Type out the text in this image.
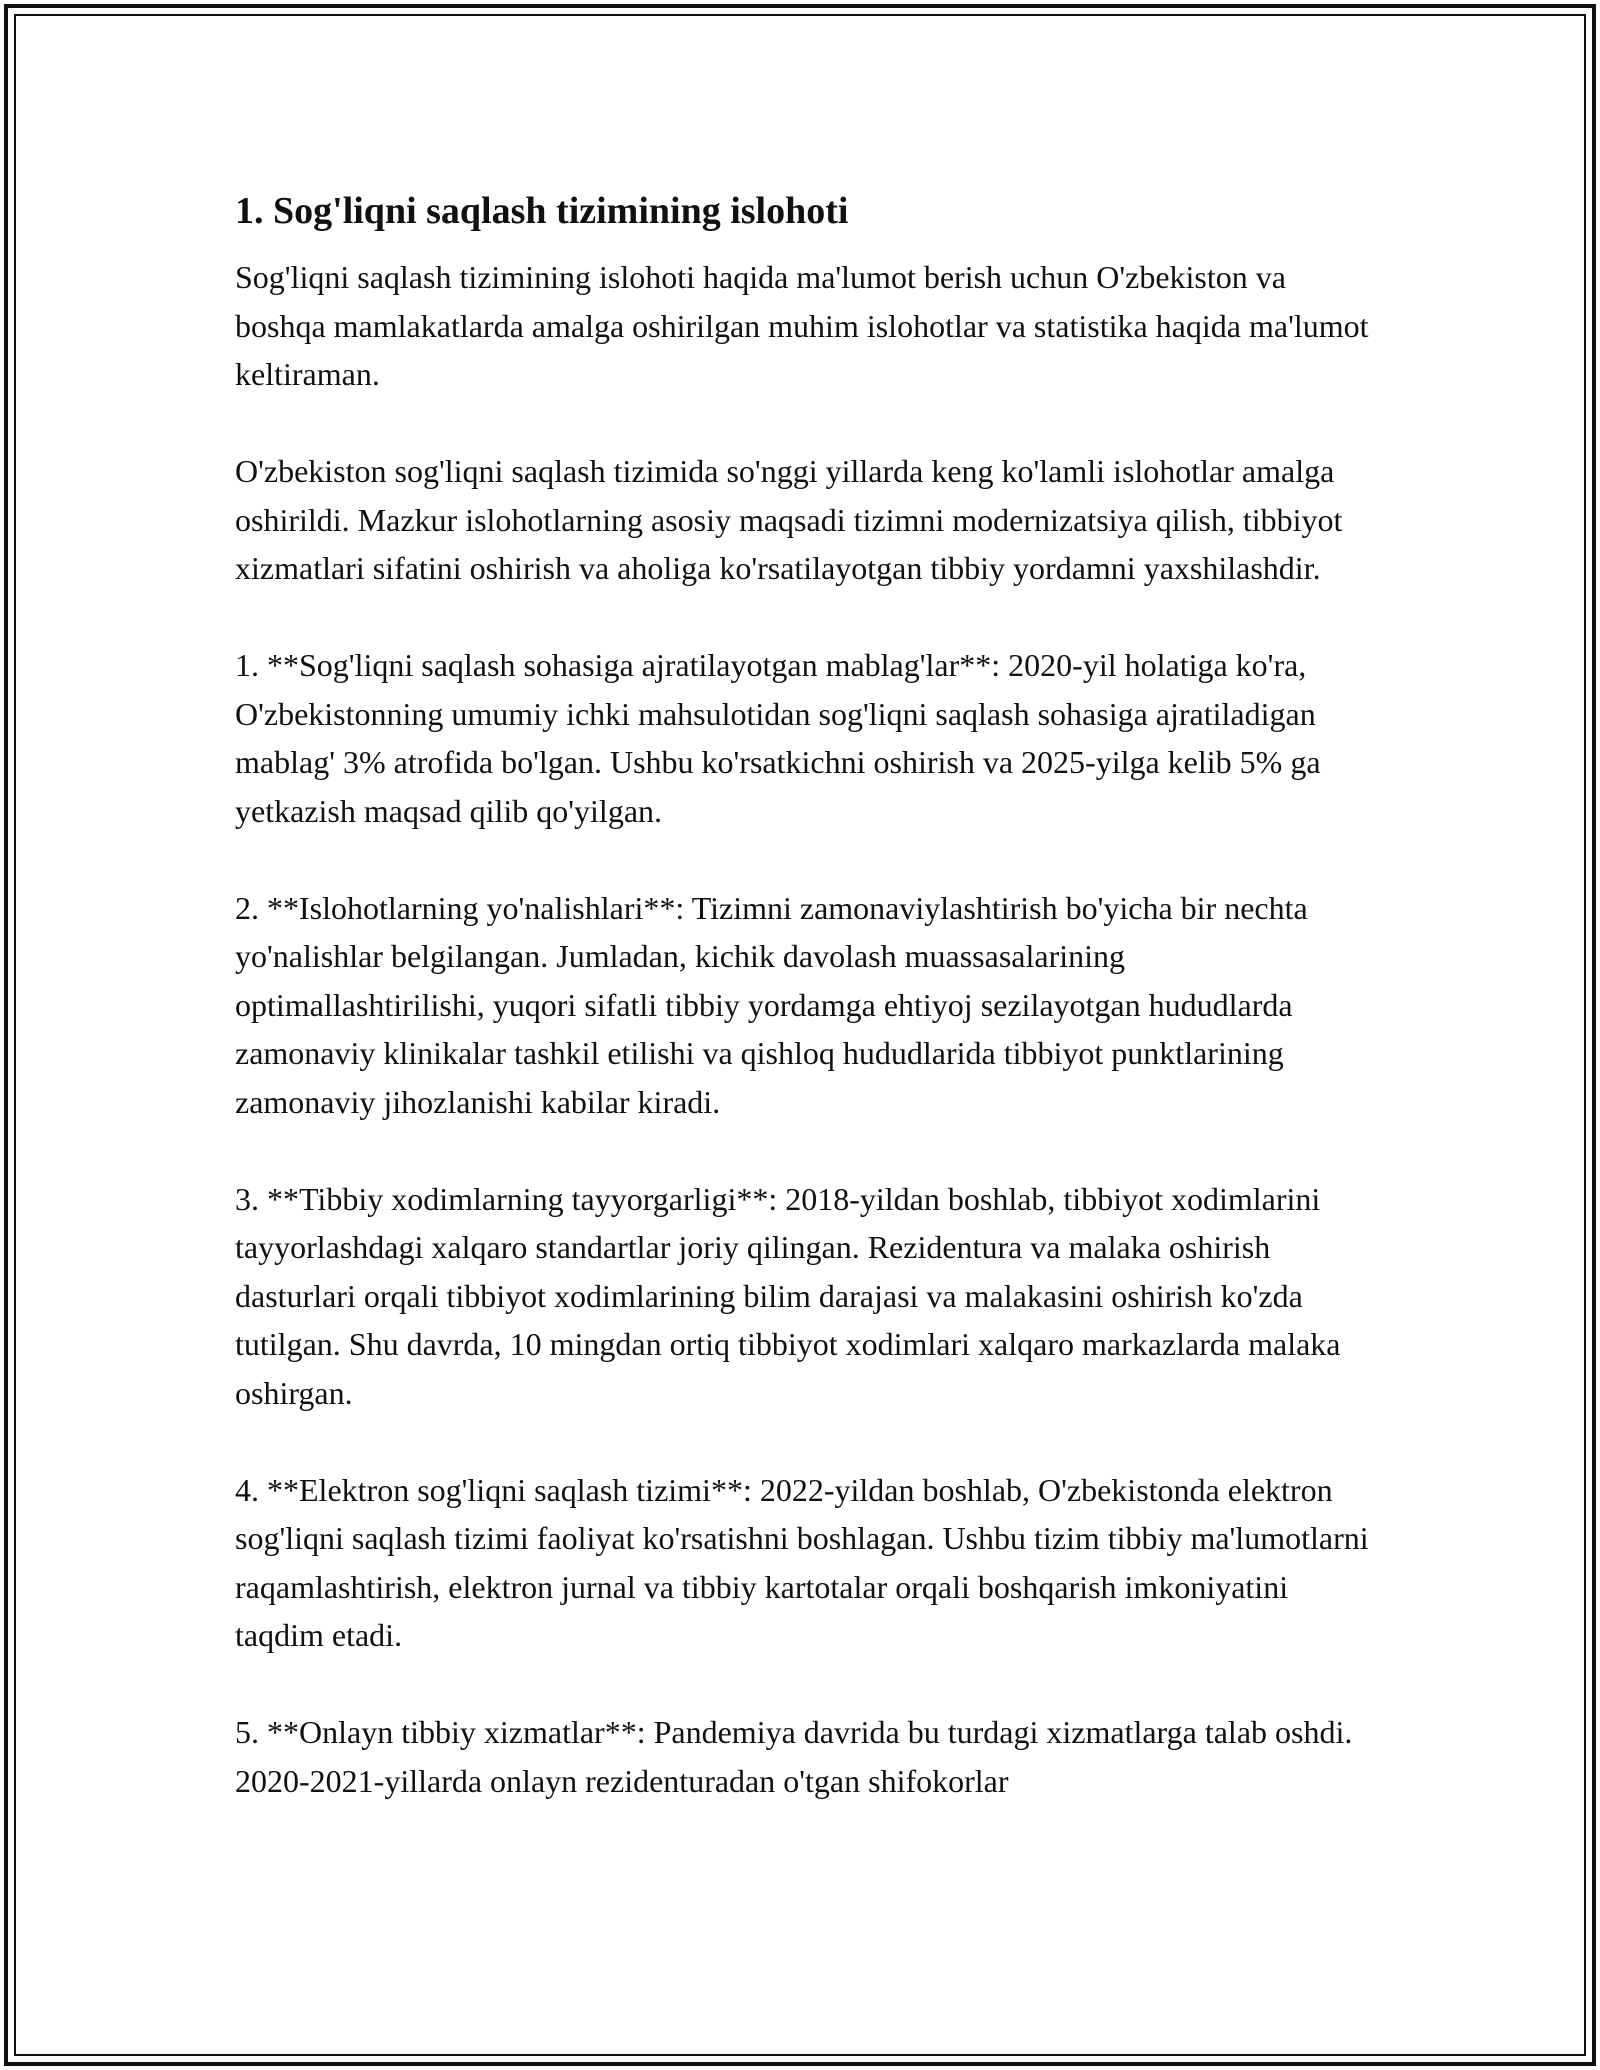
1. Sog'liqni saqlash tizimining islohoti

Sog'liqni saqlash tizimining islohoti haqida ma'lumot berish uchun O'zbekiston va boshqa mamlakatlarda amalga oshirilgan muhim islohotlar va statistika haqida ma'lumot keltiraman.

O'zbekiston sog'liqni saqlash tizimida so'nggi yillarda keng ko'lamli islohotlar amalga oshirildi. Mazkur islohotlarning asosiy maqsadi tizimni modernizatsiya qilish, tibbiyot xizmatlari sifatini oshirish va aholiga ko'rsatilayotgan tibbiy yordamni yaxshilashdir.

1. **Sog'liqni saqlash sohasiga ajratilayotgan mablag'lar**: 2020-yil holatiga ko'ra, O'zbekistonning umumiy ichki mahsulotidan sog'liqni saqlash sohasiga ajratiladigan mablag' 3% atrofida bo'lgan. Ushbu ko'rsatkichni oshirish va 2025-yilga kelib 5% ga yetkazish maqsad qilib qo'yilgan.

2. **Islohotlarning yo'nalishlari**: Tizimni zamonaviylashtirish bo'yicha bir nechta yo'nalishlar belgilangan. Jumladan, kichik davolash muassasalarining optimallashtirilishi, yuqori sifatli tibbiy yordamga ehtiyoj sezilayotgan hududlarda zamonaviy klinikalar tashkil etilishi va qishloq hududlarida tibbiyot punktlarining zamonaviy jihozlanishi kabilar kiradi.

3. **Tibbiy xodimlarning tayyorgarligi**: 2018-yildan boshlab, tibbiyot xodimlarini tayyorlashdagi xalqaro standartlar joriy qilingan. Rezidentura va malaka oshirish dasturlari orqali tibbiyot xodimlarining bilim darajasi va malakasini oshirish ko'zda tutilgan. Shu davrda, 10 mingdan ortiq tibbiyot xodimlari xalqaro markazlarda malaka oshirgan.

4. **Elektron sog'liqni saqlash tizimi**: 2022-yildan boshlab, O'zbekistonda elektron sog'liqni saqlash tizimi faoliyat ko'rsatishni boshlagan. Ushbu tizim tibbiy ma'lumotlarni raqamlashtirish, elektron jurnal va tibbiy kartotalar orqali boshqarish imkoniyatini taqdim etadi.

5. **Onlayn tibbiy xizmatlar**: Pandemiya davrida bu turdagi xizmatlarga talab oshdi. 2020-2021-yillarda onlayn rezidenturadan o'tgan shifokorlar
